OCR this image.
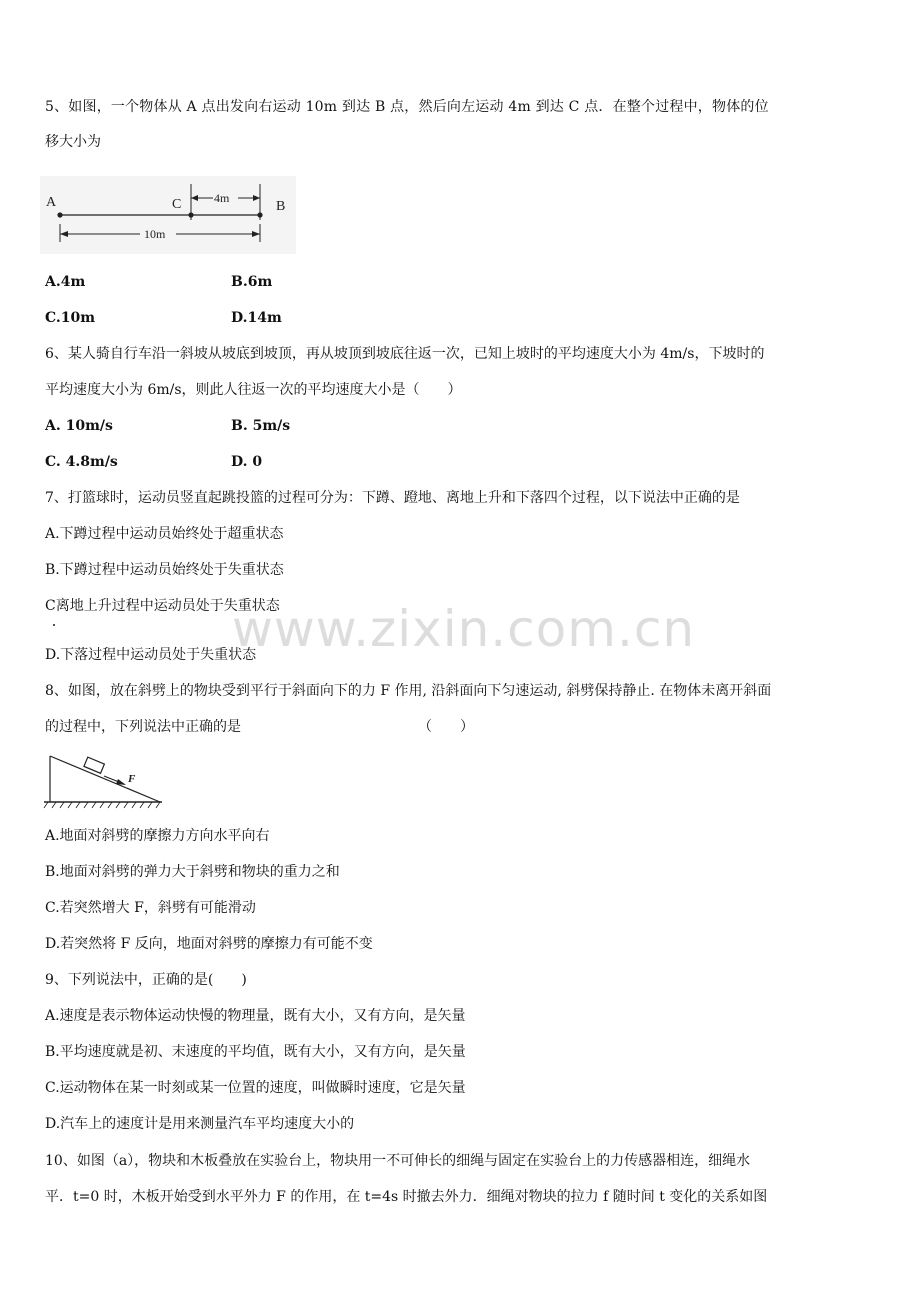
5、如图，一个物体从 A 点出发向右运动 10m 到达 B 点，然后向左运动 4m 到达 C 点．在整个过程中，物体的位
移大小为
A	C	B
4m
10m
A.4m	B.6m
C.10m	D.14m
6、某人骑自行车沿一斜坡从坡底到坡顶，再从坡顶到坡底往返一次，已知上坡时的平均速度大小为 4m/s，下坡时的
平均速度大小为 6m/s，则此人往返一次的平均速度大小是（　　）
A. 10m/s	B. 5m/s
C. 4.8m/s	D. 0
7、打篮球时，运动员竖直起跳投篮的过程可分为：下蹲、蹬地、离地上升和下落四个过程，以下说法中正确的是
A.下蹲过程中运动员始终处于超重状态
B.下蹲过程中运动员始终处于失重状态
C离地上升过程中运动员处于失重状态
D.下落过程中运动员处于失重状态
8、如图，放在斜劈上的物块受到平行于斜面向下的力 F 作用, 沿斜面向下匀速运动, 斜劈保持静止. 在物体未离开斜面
的过程中，下列说法中正确的是	（　　）
F
A.地面对斜劈的摩擦力方向水平向右
B.地面对斜劈的弹力大于斜劈和物块的重力之和
C.若突然增大 F，斜劈有可能滑动
D.若突然将 F 反向，地面对斜劈的摩擦力有可能不变
9、下列说法中，正确的是(　　)
A.速度是表示物体运动快慢的物理量，既有大小，又有方向，是矢量
B.平均速度就是初、末速度的平均值，既有大小，又有方向，是矢量
C.运动物体在某一时刻或某一位置的速度，叫做瞬时速度，它是矢量
D.汽车上的速度计是用来测量汽车平均速度大小的
10、如图（a），物块和木板叠放在实验台上，物块用一不可伸长的细绳与固定在实验台上的力传感器相连，细绳水
平．t=0 时，木板开始受到水平外力 F 的作用，在 t=4s 时撤去外力．细绳对物块的拉力 f 随时间 t 变化的关系如图
www.zixin.com.cn
